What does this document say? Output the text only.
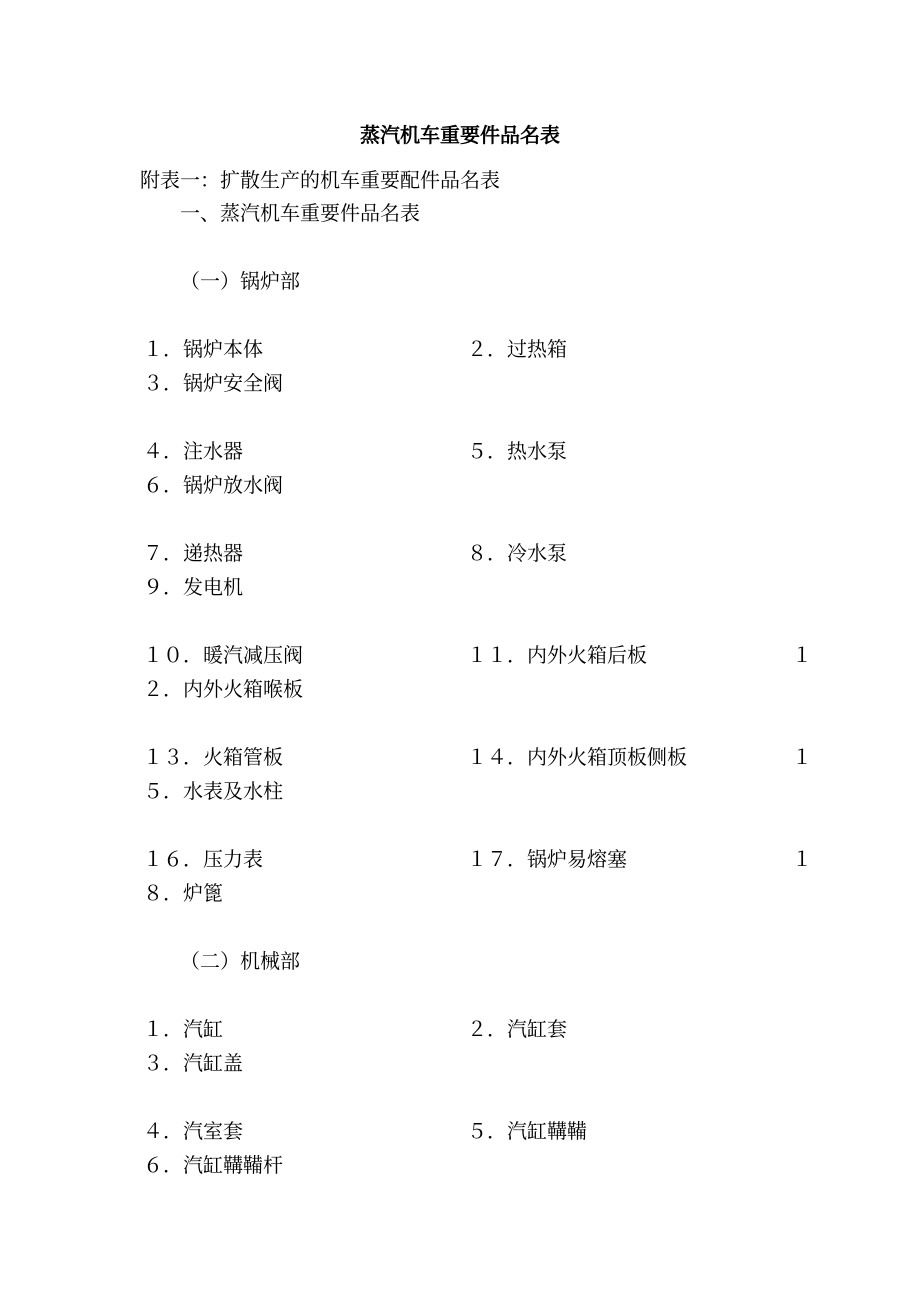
蒸汽机车重要件品名表
附表一：扩散生产的机车重要配件品名表
一、蒸汽机车重要件品名表
（一）锅炉部
１．锅炉本体	２．过热箱
３．锅炉安全阀
４．注水器	５．热水泵
６．锅炉放水阀
７．递热器	８．冷水泵
９．发电机
１０．暖汽减压阀	１１．内外火箱后板	１
２．内外火箱喉板
１３．火箱管板	１４．内外火箱顶板侧板	１
５．水表及水柱
１６．压力表	１７．锅炉易熔塞	１
８．炉篦
（二）机械部
１．汽缸	２．汽缸套
３．汽缸盖
４．汽室套	５．汽缸鞲鞴
６．汽缸鞲鞴杆
